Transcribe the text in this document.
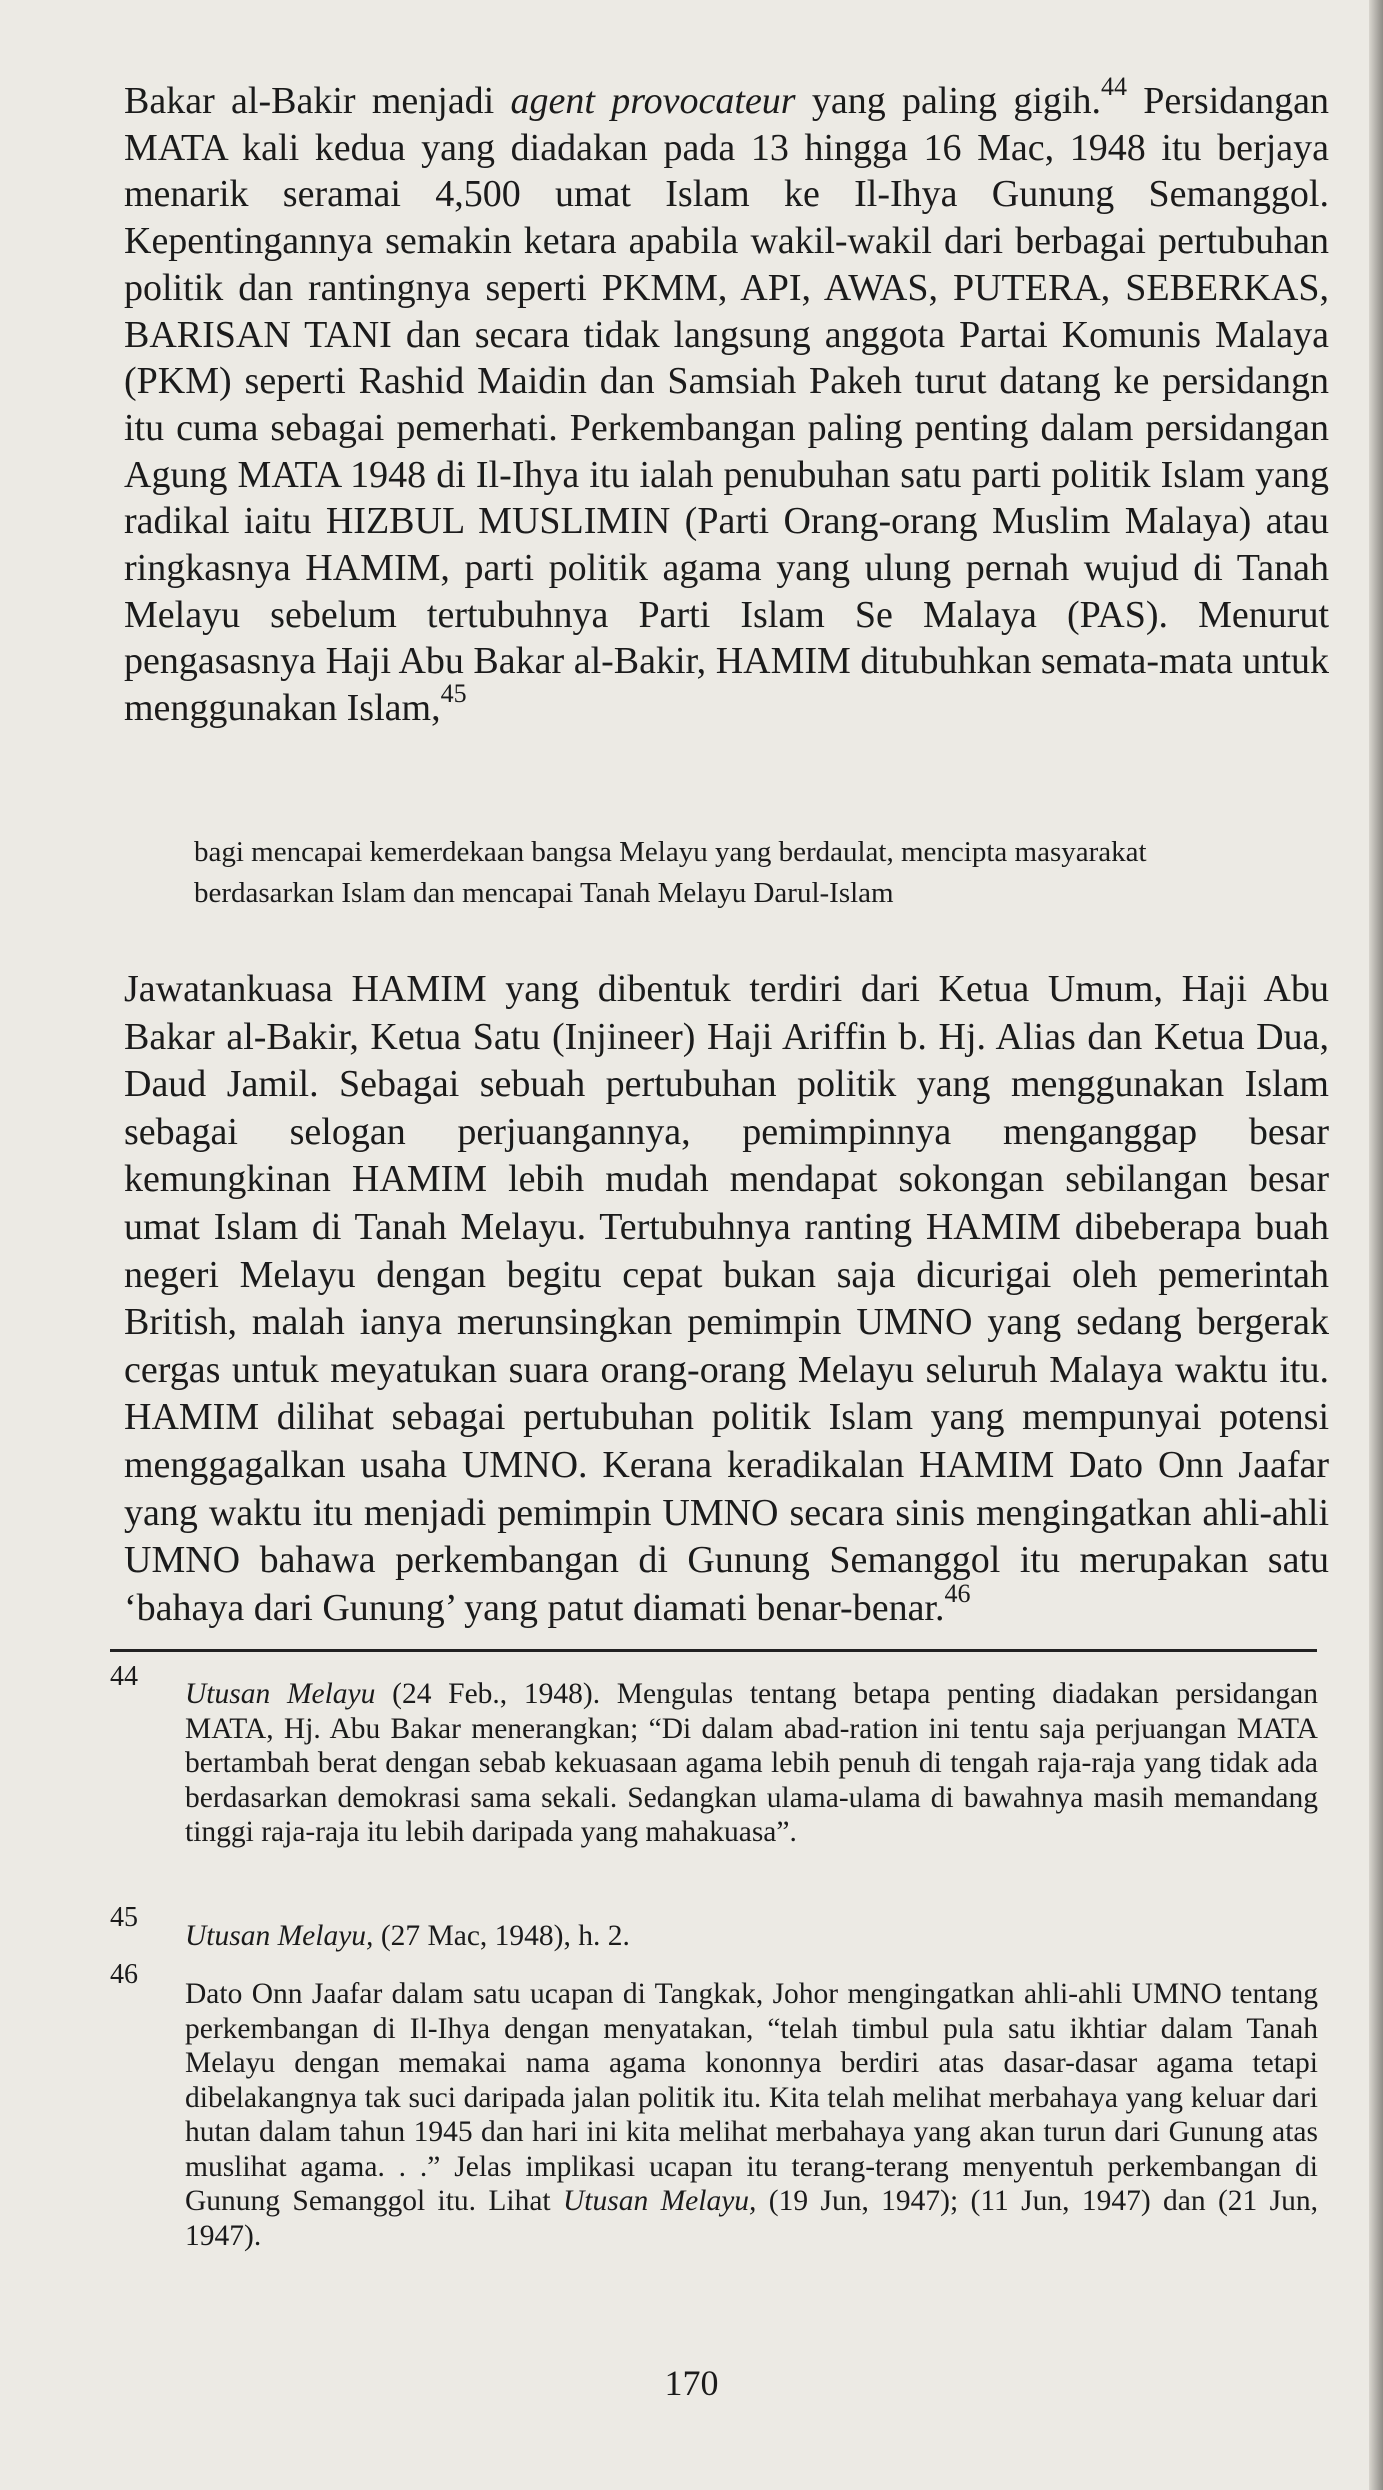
Bakar al-Bakir menjadi agent provocateur yang paling gigih.$^{44}$ Persidangan MATA kali kedua yang diadakan pada 13 hingga 16 Mac, 1948 itu berjaya menarik seramai 4,500 umat Islam ke Il-Ihya Gunung Semanggol. Kepentingannya semakin ketara apabila wakil-wakil dari berbagai pertubuhan politik dan rantingnya seperti PKMM, API, AWAS, PUTERA, SEBERKAS, BARISAN TANI dan secara tidak langsung anggota Partai Komunis Malaya (PKM) seperti Rashid Maidin dan Samsiah Pakeh turut datang ke persidangn itu cuma sebagai pemerhati. Perkembangan paling penting dalam persidangan Agung MATA 1948 di Il-Ihya itu ialah penubuhan satu parti politik Islam yang radikal iaitu HIZBUL MUSLIMIN (Parti Orang-orang Muslim Malaya) atau ringkasnya HAMIM, parti politik agama yang ulung pernah wujud di Tanah Melayu sebelum tertubuhnya Parti Islam Se Malaya (PAS). Menurut pengasasnya Haji Abu Bakar al-Bakir, HAMIM ditubuhkan semata-mata untuk menggunakan Islam,$^{45}$

bagi mencapai kemerdekaan bangsa Melayu yang berdaulat, mencipta masyarakat berdasarkan Islam dan mencapai Tanah Melayu Darul-Islam

Jawatankuasa HAMIM yang dibentuk terdiri dari Ketua Umum, Haji Abu Bakar al-Bakir, Ketua Satu (Injineer) Haji Ariffin b. Hj. Alias dan Ketua Dua, Daud Jamil. Sebagai sebuah pertubuhan politik yang menggunakan Islam sebagai selogan perjuangannya, pemimpinnya menganggap besar kemungkinan HAMIM lebih mudah mendapat sokongan sebilangan besar umat Islam di Tanah Melayu. Tertubuhnya ranting HAMIM dibeberapa buah negeri Melayu dengan begitu cepat bukan saja dicurigai oleh pemerintah British, malah ianya merunsingkan pemimpin UMNO yang sedang bergerak cergas untuk meyatukan suara orang-orang Melayu seluruh Malaya waktu itu. HAMIM dilihat sebagai pertubuhan politik Islam yang mempunyai potensi menggagalkan usaha UMNO. Kerana keradikalan HAMIM Dato Onn Jaafar yang waktu itu menjadi pemimpin UMNO secara sinis mengingatkan ahli-ahli UMNO bahawa perkembangan di Gunung Semanggol itu merupakan satu ‘bahaya dari Gunung’ yang patut diamati benar-benar.$^{46}$

44

Utusan Melayu (24 Feb., 1948). Mengulas tentang betapa penting diadakan persidangan MATA, Hj. Abu Bakar menerangkan; “Di dalam abad-ration ini tentu saja perjuangan MATA bertambah berat dengan sebab kekuasaan agama lebih penuh di tengah raja-raja yang tidak ada berdasarkan demokrasi sama sekali. Sedangkan ulama-ulama di bawahnya masih memandang tinggi raja-raja itu lebih daripada yang mahakuasa”.

45

Utusan Melayu, (27 Mac, 1948), h. 2.

46

Dato Onn Jaafar dalam satu ucapan di Tangkak, Johor mengingatkan ahli-ahli UMNO tentang perkembangan di Il-Ihya dengan menyatakan, “telah timbul pula satu ikhtiar dalam Tanah Melayu dengan memakai nama agama kononnya berdiri atas dasar-dasar agama tetapi dibelakangnya tak suci daripada jalan politik itu. Kita telah melihat merbahaya yang keluar dari hutan dalam tahun 1945 dan hari ini kita melihat merbahaya yang akan turun dari Gunung atas muslihat agama. . .” Jelas implikasi ucapan itu terang-terang menyentuh perkembangan di Gunung Semanggol itu. Lihat Utusan Melayu, (19 Jun, 1947); (11 Jun, 1947) dan (21 Jun, 1947).

170
